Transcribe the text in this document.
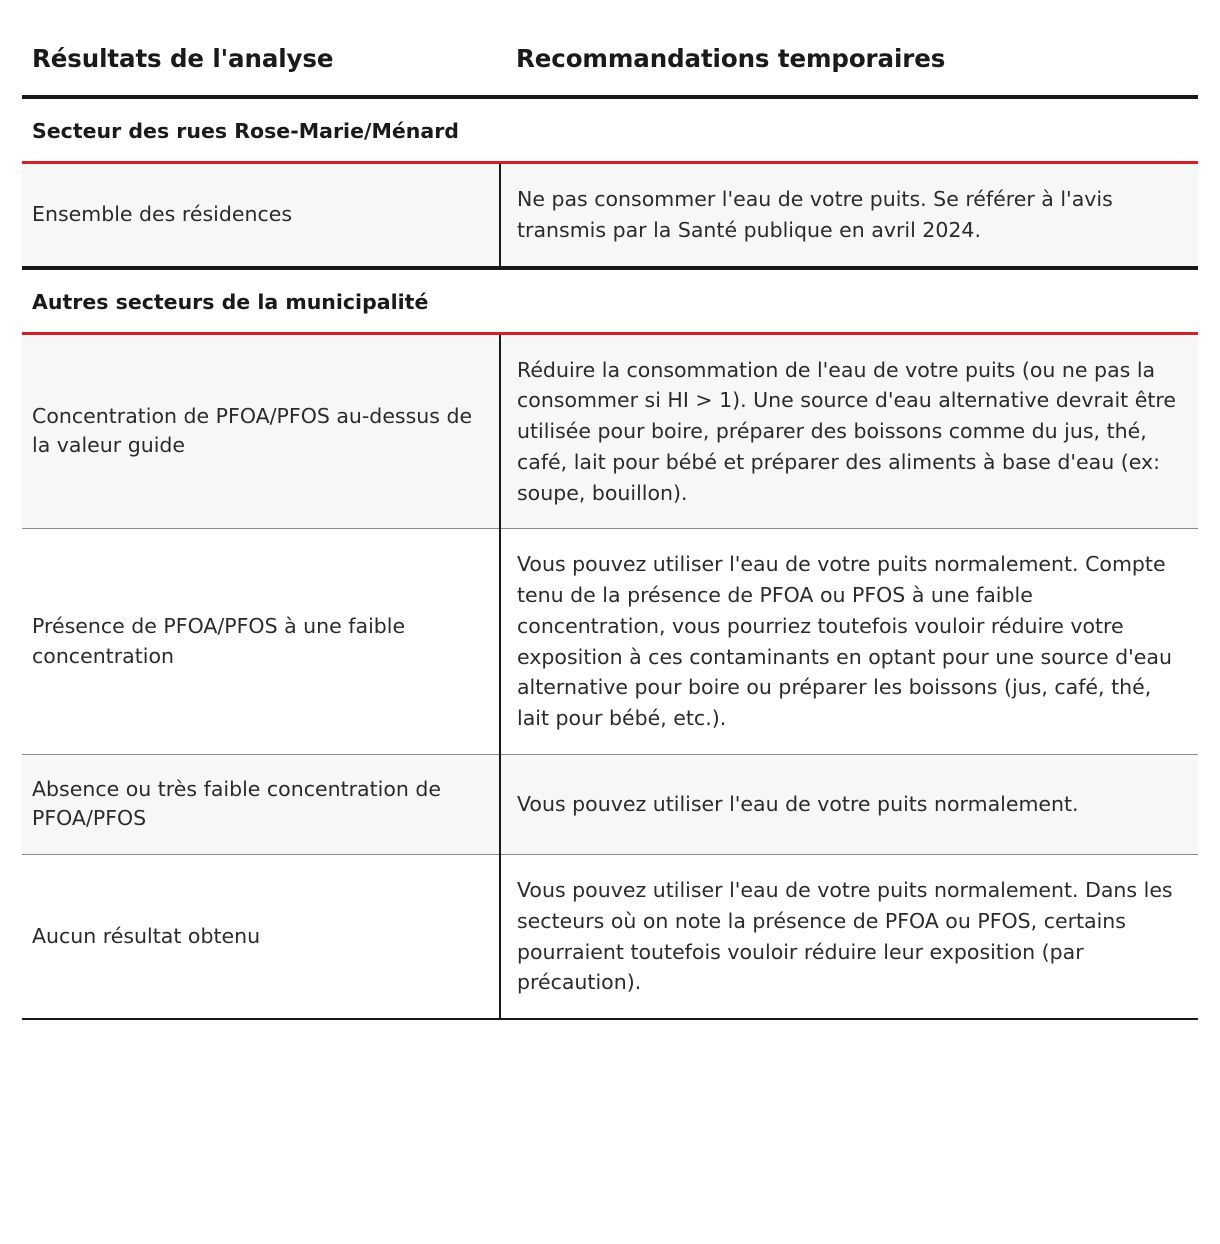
Résultats de l'analyse	Recommandations temporaires
Secteur des rues Rose-Marie/Ménard	
Ensemble des résidences	Ne pas consommer l'eau de votre puits. Se référer à l'avis transmis par la Santé publique en avril 2024.
Autres secteurs de la municipalité	
Concentration de PFOA/PFOS au-dessus de la valeur guide	Réduire la consommation de l'eau de votre puits (ou ne pas la consommer si HI > 1). Une source d'eau alternative devrait être utilisée pour boire, préparer des boissons comme du jus, thé, café, lait pour bébé et préparer des aliments à base d'eau (ex: soupe, bouillon).
Présence de PFOA/PFOS à une faible concentration	Vous pouvez utiliser l'eau de votre puits normalement. Compte tenu de la présence de PFOA ou PFOS à une faible concentration, vous pourriez toutefois vouloir réduire votre exposition à ces contaminants en optant pour une source d'eau alternative pour boire ou préparer les boissons (jus, café, thé, lait pour bébé, etc.).
Absence ou très faible concentration de PFOA/PFOS	Vous pouvez utiliser l'eau de votre puits normalement.
Aucun résultat obtenu	Vous pouvez utiliser l'eau de votre puits normalement. Dans les secteurs où on note la présence de PFOA ou PFOS, certains pourraient toutefois vouloir réduire leur exposition (par précaution).
